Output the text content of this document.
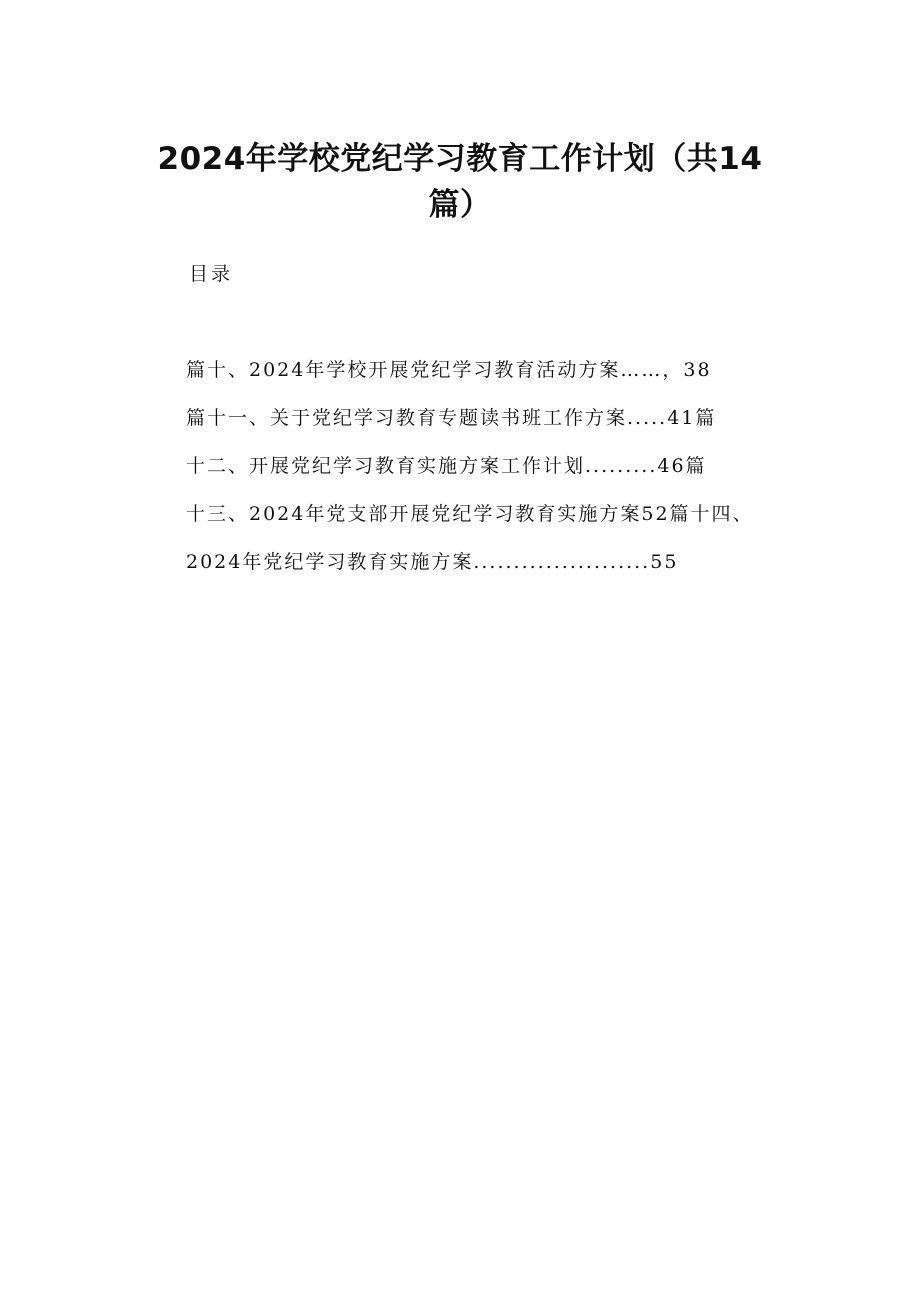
2024年学校党纪学习教育工作计划（共14篇）
目录
篇十、2024年学校开展党纪学习教育活动方案……，38
篇十一、关于党纪学习教育专题读书班工作方案.....41篇
十二、开展党纪学习教育实施方案工作计划.........46篇
十三、2024年党支部开展党纪学习教育实施方案52篇十四、
2024年党纪学习教育实施方案......................55
